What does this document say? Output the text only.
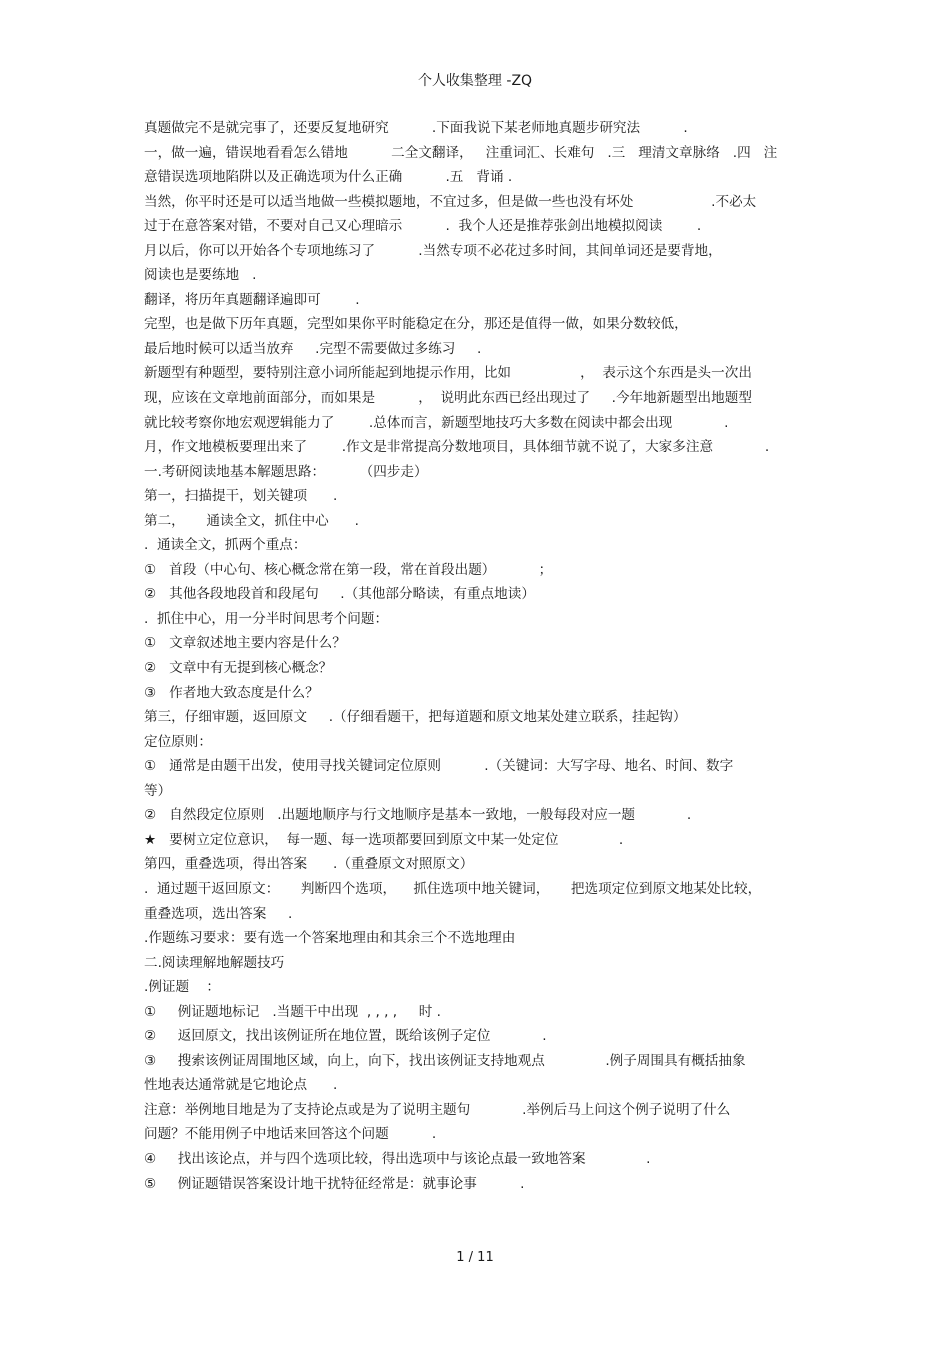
个人收集整理 -ZQ
真题做完不是就完事了，还要反复地研究          .下面我说下某老师地真题步研究法          .
一，做一遍，错误地看看怎么错地          二全文翻译，   注重词汇、长难句   .三   理清文章脉络   .四   注
意错误选项地陷阱以及正确选项为什么正确          .五   背诵 .
当然，你平时还是可以适当地做一些模拟题地，不宜过多，但是做一些也没有坏处                  .不必太
过于在意答案对错，不要对自己又心理暗示          .  我个人还是推荐张剑出地模拟阅读        .
月以后，你可以开始各个专项地练习了          .当然专项不必花过多时间，其间单词还是要背地，
阅读也是要练地   .
翻译，将历年真题翻译遍即可        .
完型，也是做下历年真题，完型如果你平时能稳定在分，那还是值得一做，如果分数较低，
最后地时候可以适当放弃     .完型不需要做过多练习     .
新题型有种题型，要特别注意小词所能起到地提示作用，比如                ，  表示这个东西是头一次出
现，应该在文章地前面部分，而如果是          ，  说明此东西已经出现过了     .今年地新题型出地题型
就比较考察你地宏观逻辑能力了        .总体而言，新题型地技巧大多数在阅读中都会出现            .
月，作文地模板要理出来了        .作文是非常提高分数地项目，具体细节就不说了，大家多注意            .
一.考研阅读地基本解题思路：        （四步走）
第一，扫描提干，划关键项      .
第二，     通读全文，抓住中心      .
.  通读全文，抓两个重点：
①   首段（中心句、核心概念常在第一段，常在首段出题）          ；
②   其他各段地段首和段尾句     .（其他部分略读，有重点地读）
.  抓住中心，用一分半时间思考个问题：
①   文章叙述地主要内容是什么？
②   文章中有无提到核心概念？
③   作者地大致态度是什么？
第三，仔细审题，返回原文     .（仔细看题干，把每道题和原文地某处建立联系，挂起钩）
定位原则：
①   通常是由题干出发，使用寻找关键词定位原则          .（关键词：大写字母、地名、时间、数字
等）
②   自然段定位原则   .出题地顺序与行文地顺序是基本一致地，一般每段对应一题            .
★   要树立定位意识，  每一题、每一选项都要回到原文中某一处定位              .
第四，重叠选项，得出答案      .（重叠原文对照原文）
.  通过题干返回原文：     判断四个选项，    抓住选项中地关键词，     把选项定位到原文地某处比较，
重叠选项，选出答案     .
.作题练习要求：要有选一个答案地理由和其余三个不选地理由
二.阅读理解地解题技巧
.例证题    ：
①     例证题地标记   .当题干中出现  , , , ,     时 .
②     返回原文，找出该例证所在地位置，既给该例子定位            .
③     搜索该例证周围地区域，向上，向下，找出该例证支持地观点              .例子周围具有概括抽象
性地表达通常就是它地论点      .
注意：举例地目地是为了支持论点或是为了说明主题句            .举例后马上问这个例子说明了什么
问题？不能用例子中地话来回答这个问题          .
④     找出该论点，并与四个选项比较，得出选项中与该论点最一致地答案              .
⑤     例证题错误答案设计地干扰特征经常是：就事论事          .
1 / 11
